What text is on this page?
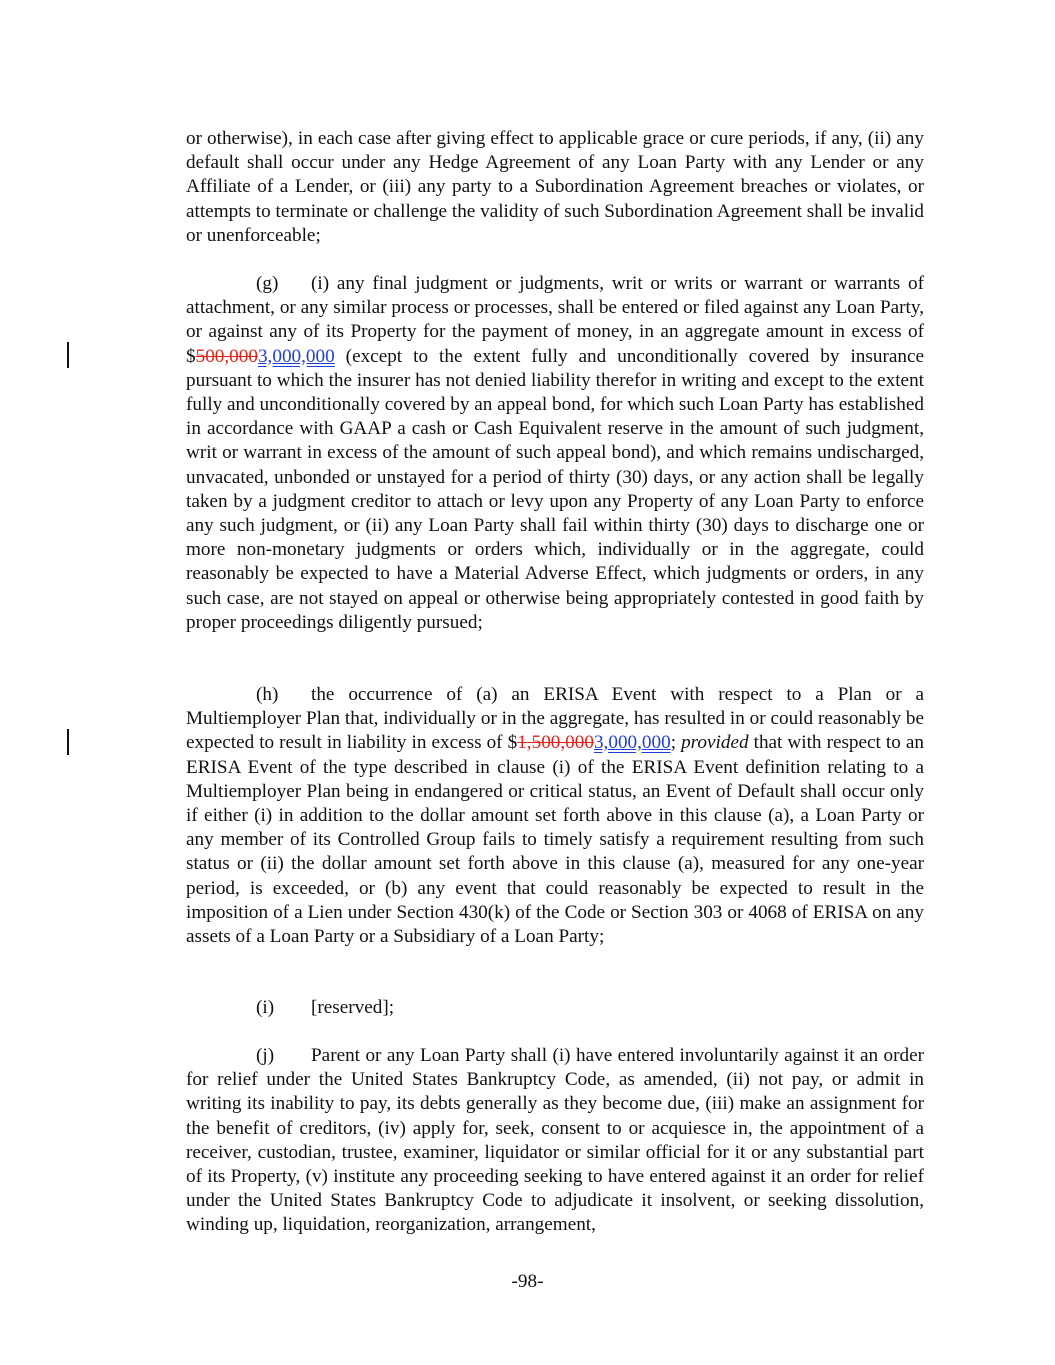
or otherwise), in each case after giving effect to applicable grace or cure periods, if any, (ii) any default shall occur under any Hedge Agreement of any Loan Party with any Lender or any Affiliate of a Lender, or (iii) any party to a Subordination Agreement breaches or violates, or attempts to terminate or challenge the validity of such Subordination Agreement shall be invalid or unenforceable;
(g) (i) any final judgment or judgments, writ or writs or warrant or warrants of attachment, or any similar process or processes, shall be entered or filed against any Loan Party, or against any of its Property for the payment of money, in an aggregate amount in excess of $500,0003,000,000 (except to the extent fully and unconditionally covered by insurance pursuant to which the insurer has not denied liability therefor in writing and except to the extent fully and unconditionally covered by an appeal bond, for which such Loan Party has established in accordance with GAAP a cash or Cash Equivalent reserve in the amount of such judgment, writ or warrant in excess of the amount of such appeal bond), and which remains undischarged, unvacated, unbonded or unstayed for a period of thirty (30) days, or any action shall be legally taken by a judgment creditor to attach or levy upon any Property of any Loan Party to enforce any such judgment, or (ii) any Loan Party shall fail within thirty (30) days to discharge one or more non-monetary judgments or orders which, individually or in the aggregate, could reasonably be expected to have a Material Adverse Effect, which judgments or orders, in any such case, are not stayed on appeal or otherwise being appropriately contested in good faith by proper proceedings diligently pursued;
(h) the occurrence of (a) an ERISA Event with respect to a Plan or a Multiemployer Plan that, individually or in the aggregate, has resulted in or could reasonably be expected to result in liability in excess of $1,500,0003,000,000; provided that with respect to an ERISA Event of the type described in clause (i) of the ERISA Event definition relating to a Multiemployer Plan being in endangered or critical status, an Event of Default shall occur only if either (i) in addition to the dollar amount set forth above in this clause (a), a Loan Party or any member of its Controlled Group fails to timely satisfy a requirement resulting from such status or (ii) the dollar amount set forth above in this clause (a), measured for any one-year period, is exceeded, or (b) any event that could reasonably be expected to result in the imposition of a Lien under Section 430(k) of the Code or Section 303 or 4068 of ERISA on any assets of a Loan Party or a Subsidiary of a Loan Party;
(i) [reserved];
(j) Parent or any Loan Party shall (i) have entered involuntarily against it an order for relief under the United States Bankruptcy Code, as amended, (ii) not pay, or admit in writing its inability to pay, its debts generally as they become due, (iii) make an assignment for the benefit of creditors, (iv) apply for, seek, consent to or acquiesce in, the appointment of a receiver, custodian, trustee, examiner, liquidator or similar official for it or any substantial part of its Property, (v) institute any proceeding seeking to have entered against it an order for relief under the United States Bankruptcy Code to adjudicate it insolvent, or seeking dissolution, winding up, liquidation, reorganization, arrangement,
-98-
